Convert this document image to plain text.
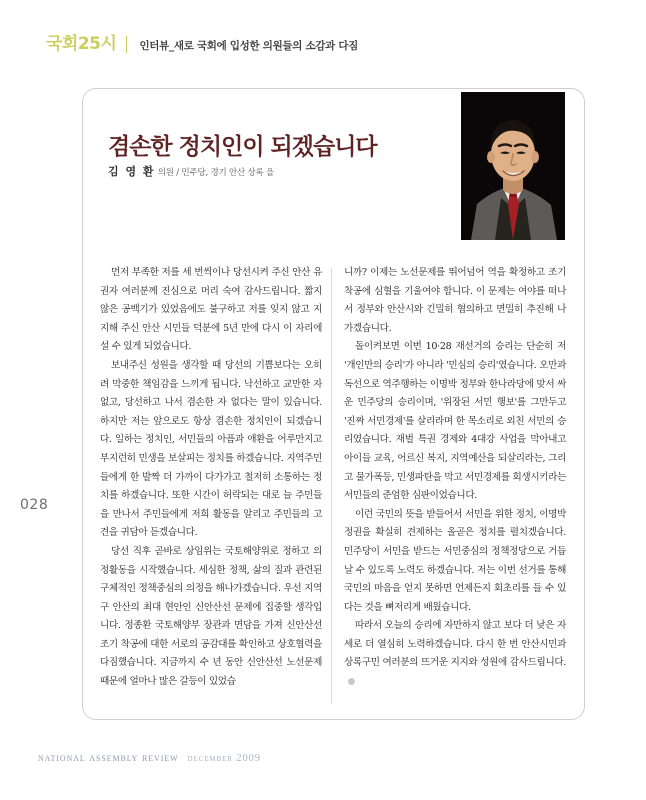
국회25시	인터뷰_새로 국회에 입성한 의원들의 소감과 다짐
겸손한 정치인이 되겠습니다
김 영 환 의원 / 민주당, 경기 안산 상록 을

먼저 부족한 저를 세 번씩이나 당선시켜 주신 안산 유권자 여러분께 진심으로 머리 숙여 감사드립니다. 짧지 않은 공백기가 있었음에도 불구하고 저를 잊지 않고 지지해 주신 안산 시민들 덕분에 5년 만에 다시 이 자리에 설 수 있게 되었습니다.

보내주신 성원을 생각할 때 당선의 기쁨보다는 오히려 막중한 책임감을 느끼게 됩니다. 낙선하고 교만한 자 없고, 당선하고 나서 겸손한 자 없다는 말이 있습니다. 하지만 저는 앞으로도 항상 겸손한 정치인이 되겠습니다. 일하는 정치인, 서민들의 아픔과 애환을 어루만지고 부지런히 민생을 보살피는 정치를 하겠습니다. 지역주민들에게 한 발짝 더 가까이 다가가고 철저히 소통하는 정치를 하겠습니다. 또한 시간이 허락되는 대로 늘 주민들을 만나서 주민들에게 저희 활동을 알리고 주민들의 고견을 귀담아 듣겠습니다.

당선 직후 곧바로 상임위는 국토해양위로 정하고 의정활동을 시작했습니다. 세심한 정책, 삶의 질과 관련된 구체적인 정책중심의 의정을 해나가겠습니다. 우선 지역구 안산의 최대 현안인 신안산선 문제에 집중할 생각입니다. 정종환 국토해양부 장관과 면담을 가져 신안산선 조기 착공에 대한 서로의 공감대를 확인하고 상호협력을 다짐했습니다. 지금까지 수 년 동안 신안산선 노선문제 때문에 얼마나 많은 갈등이 있었습

니까? 이제는 노선문제를 뛰어넘어 역을 확정하고 조기착공에 심혈을 기울여야 합니다. 이 문제는 여야를 떠나서 정부와 안산시와 긴밀히 협의하고 면밀히 추진해 나가겠습니다.

돌이켜보면 이번 10·28 재선거의 승리는 단순히 저 '개인만의 승리'가 아니라 '민심의 승리'였습니다. 오만과 독선으로 역주행하는 이명박 정부와 한나라당에 맞서 싸운 민주당의 승리이며, '위장된 서민 행보'를 그만두고 '진짜 서민경제'를 살리라며 한 목소리로 외친 서민의 승리였습니다. 재벌 특권 경제와 4대강 사업을 막아내고 아이들 교육, 어르신 복지, 지역예산을 되살리라는, 그리고 물가폭등, 민생파탄을 막고 서민경제를 회생시키라는 서민들의 준엄한 심판이었습니다.

이런 국민의 뜻을 받들어서 서민을 위한 정치, 이명박 정권을 확실히 견제하는 올곧은 정치를 펼치겠습니다. 민주당이 서민을 받드는 서민중심의 정책정당으로 거듭날 수 있도록 노력도 하겠습니다. 저는 이번 선거를 통해 국민의 마음을 얻지 못하면 언제든지 회초리를 들 수 있다는 것을 뼈저리게 배웠습니다.

따라서 오늘의 승리에 자만하지 않고 보다 더 낮은 자세로 더 열심히 노력하겠습니다. 다시 한 번 안산시민과 상록구민 여러분의 뜨거운 지지와 성원에 감사드립니다.

028
national assembly review december 2009
